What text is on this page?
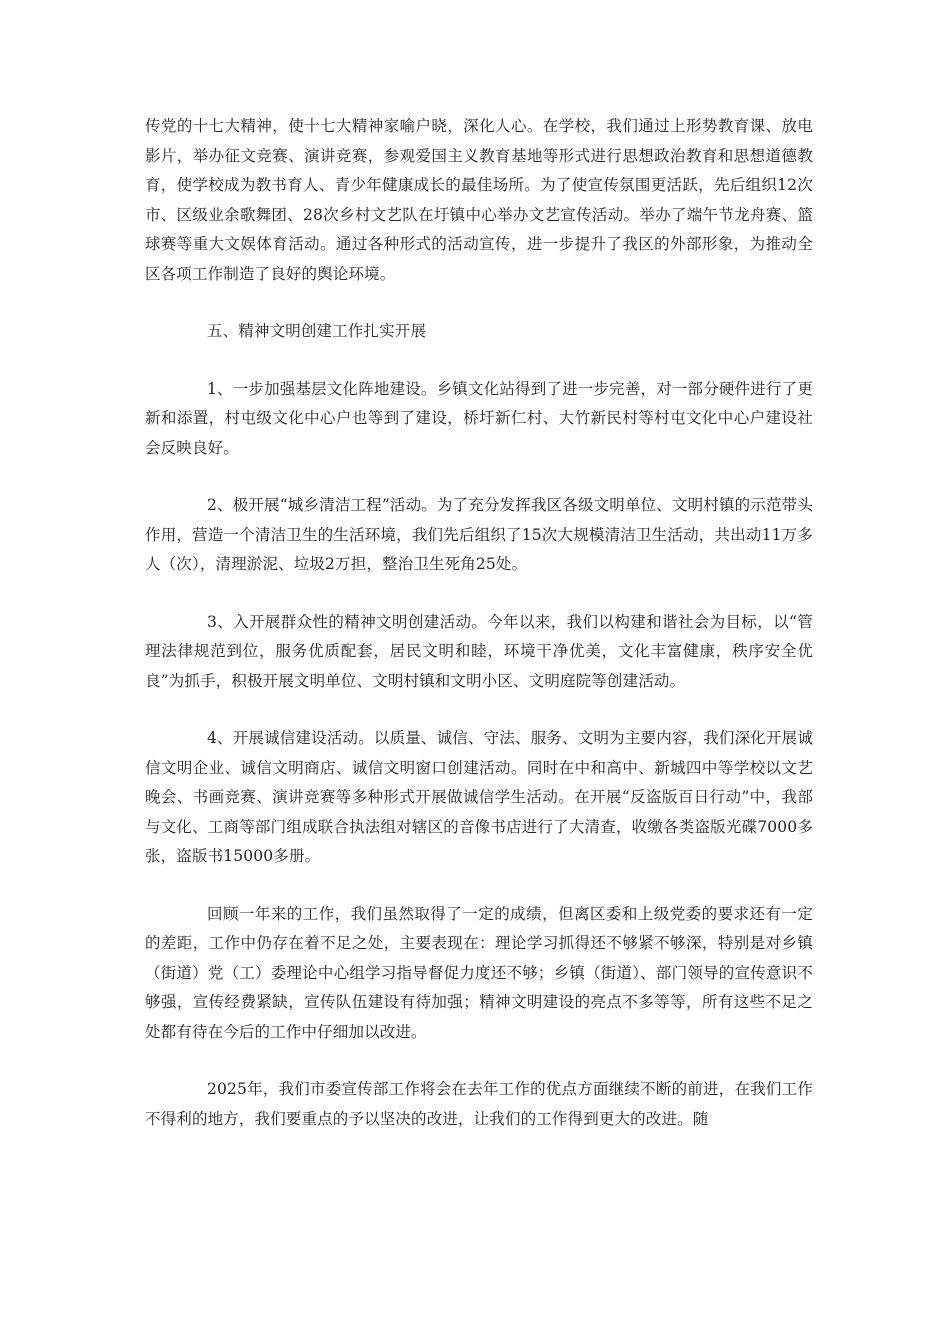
传党的十七大精神，使十七大精神家喻户晓，深化人心。在学校，我们通过上形势教育课、放电影片，举办征文竞赛、演讲竞赛，参观爱国主义教育基地等形式进行思想政治教育和思想道德教育，使学校成为教书育人、青少年健康成长的最佳场所。为了使宣传氛围更活跃，先后组织12次市、区级业余歌舞团、28次乡村文艺队在圩镇中心举办文艺宣传活动。举办了端午节龙舟赛、篮球赛等重大文娱体育活动。通过各种形式的活动宣传，进一步提升了我区的外部形象，为推动全区各项工作制造了良好的舆论环境。

五、精神文明创建工作扎实开展

1、一步加强基层文化阵地建设。乡镇文化站得到了进一步完善，对一部分硬件进行了更新和添置，村屯级文化中心户也等到了建设，桥圩新仁村、大竹新民村等村屯文化中心户建设社会反映良好。

2、极开展“城乡清洁工程”活动。为了充分发挥我区各级文明单位、文明村镇的示范带头作用，营造一个清洁卫生的生活环境，我们先后组织了15次大规模清洁卫生活动，共出动11万多人（次），清理淤泥、垃圾2万担，整治卫生死角25处。

3、入开展群众性的精神文明创建活动。今年以来，我们以构建和谐社会为目标，以“管理法律规范到位，服务优质配套，居民文明和睦，环境干净优美，文化丰富健康，秩序安全优良”为抓手，积极开展文明单位、文明村镇和文明小区、文明庭院等创建活动。

4、开展诚信建设活动。以质量、诚信、守法、服务、文明为主要内容，我们深化开展诚信文明企业、诚信文明商店、诚信文明窗口创建活动。同时在中和高中、新城四中等学校以文艺晚会、书画竞赛、演讲竞赛等多种形式开展做诚信学生活动。在开展“反盗版百日行动”中，我部与文化、工商等部门组成联合执法组对辖区的音像书店进行了大清查，收缴各类盗版光碟7000多张，盗版书15000多册。

回顾一年来的工作，我们虽然取得了一定的成绩，但离区委和上级党委的要求还有一定的差距，工作中仍存在着不足之处，主要表现在：理论学习抓得还不够紧不够深，特别是对乡镇（街道）党（工）委理论中心组学习指导督促力度还不够；乡镇（街道）、部门领导的宣传意识不够强，宣传经费紧缺，宣传队伍建设有待加强；精神文明建设的亮点不多等等，所有这些不足之处都有待在今后的工作中仔细加以改进。

2025年，我们市委宣传部工作将会在去年工作的优点方面继续不断的前进，在我们工作不得利的地方，我们要重点的予以坚决的改进，让我们的工作得到更大的改进。随
